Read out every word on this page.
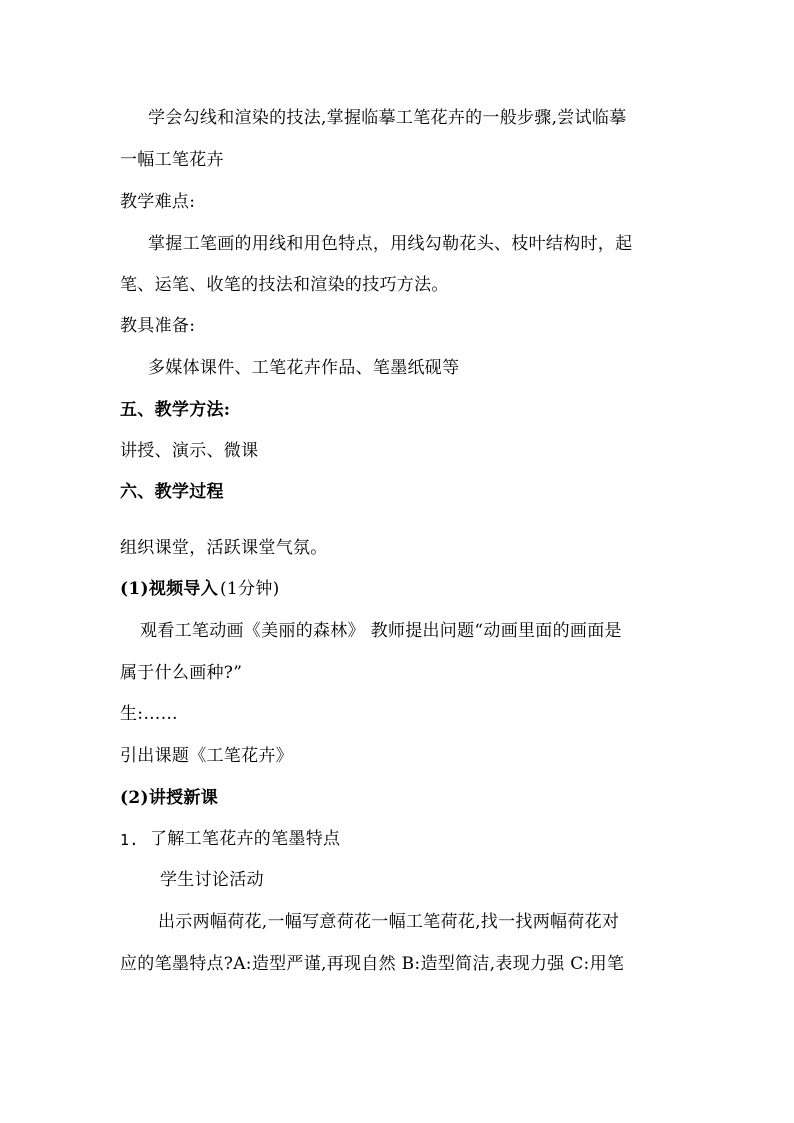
学会勾线和渲染的技法,掌握临摹工笔花卉的一般步骤,尝试临摹
一幅工笔花卉
教学难点:
掌握工笔画的用线和用色特点，用线勾勒花头、枝叶结构时，起
笔、运笔、收笔的技法和渲染的技巧方法。
教具准备:
多媒体课件、工笔花卉作品、笔墨纸砚等
五、教学方法:
讲授、演示、微课
六、教学过程
组织课堂，活跃课堂气氛。
(1)视频导入 (1分钟)
观看工笔动画《美丽的森林》 教师提出问题“动画里面的画面是
属于什么画种?”
生:……
引出课题《工笔花卉》
(2)讲授新课
1. 了解工笔花卉的笔墨特点
学生讨论活动
出示两幅荷花,一幅写意荷花一幅工笔荷花,找一找两幅荷花对
应的笔墨特点?A:造型严谨,再现自然 B:造型简洁,表现力强 C:用笔
